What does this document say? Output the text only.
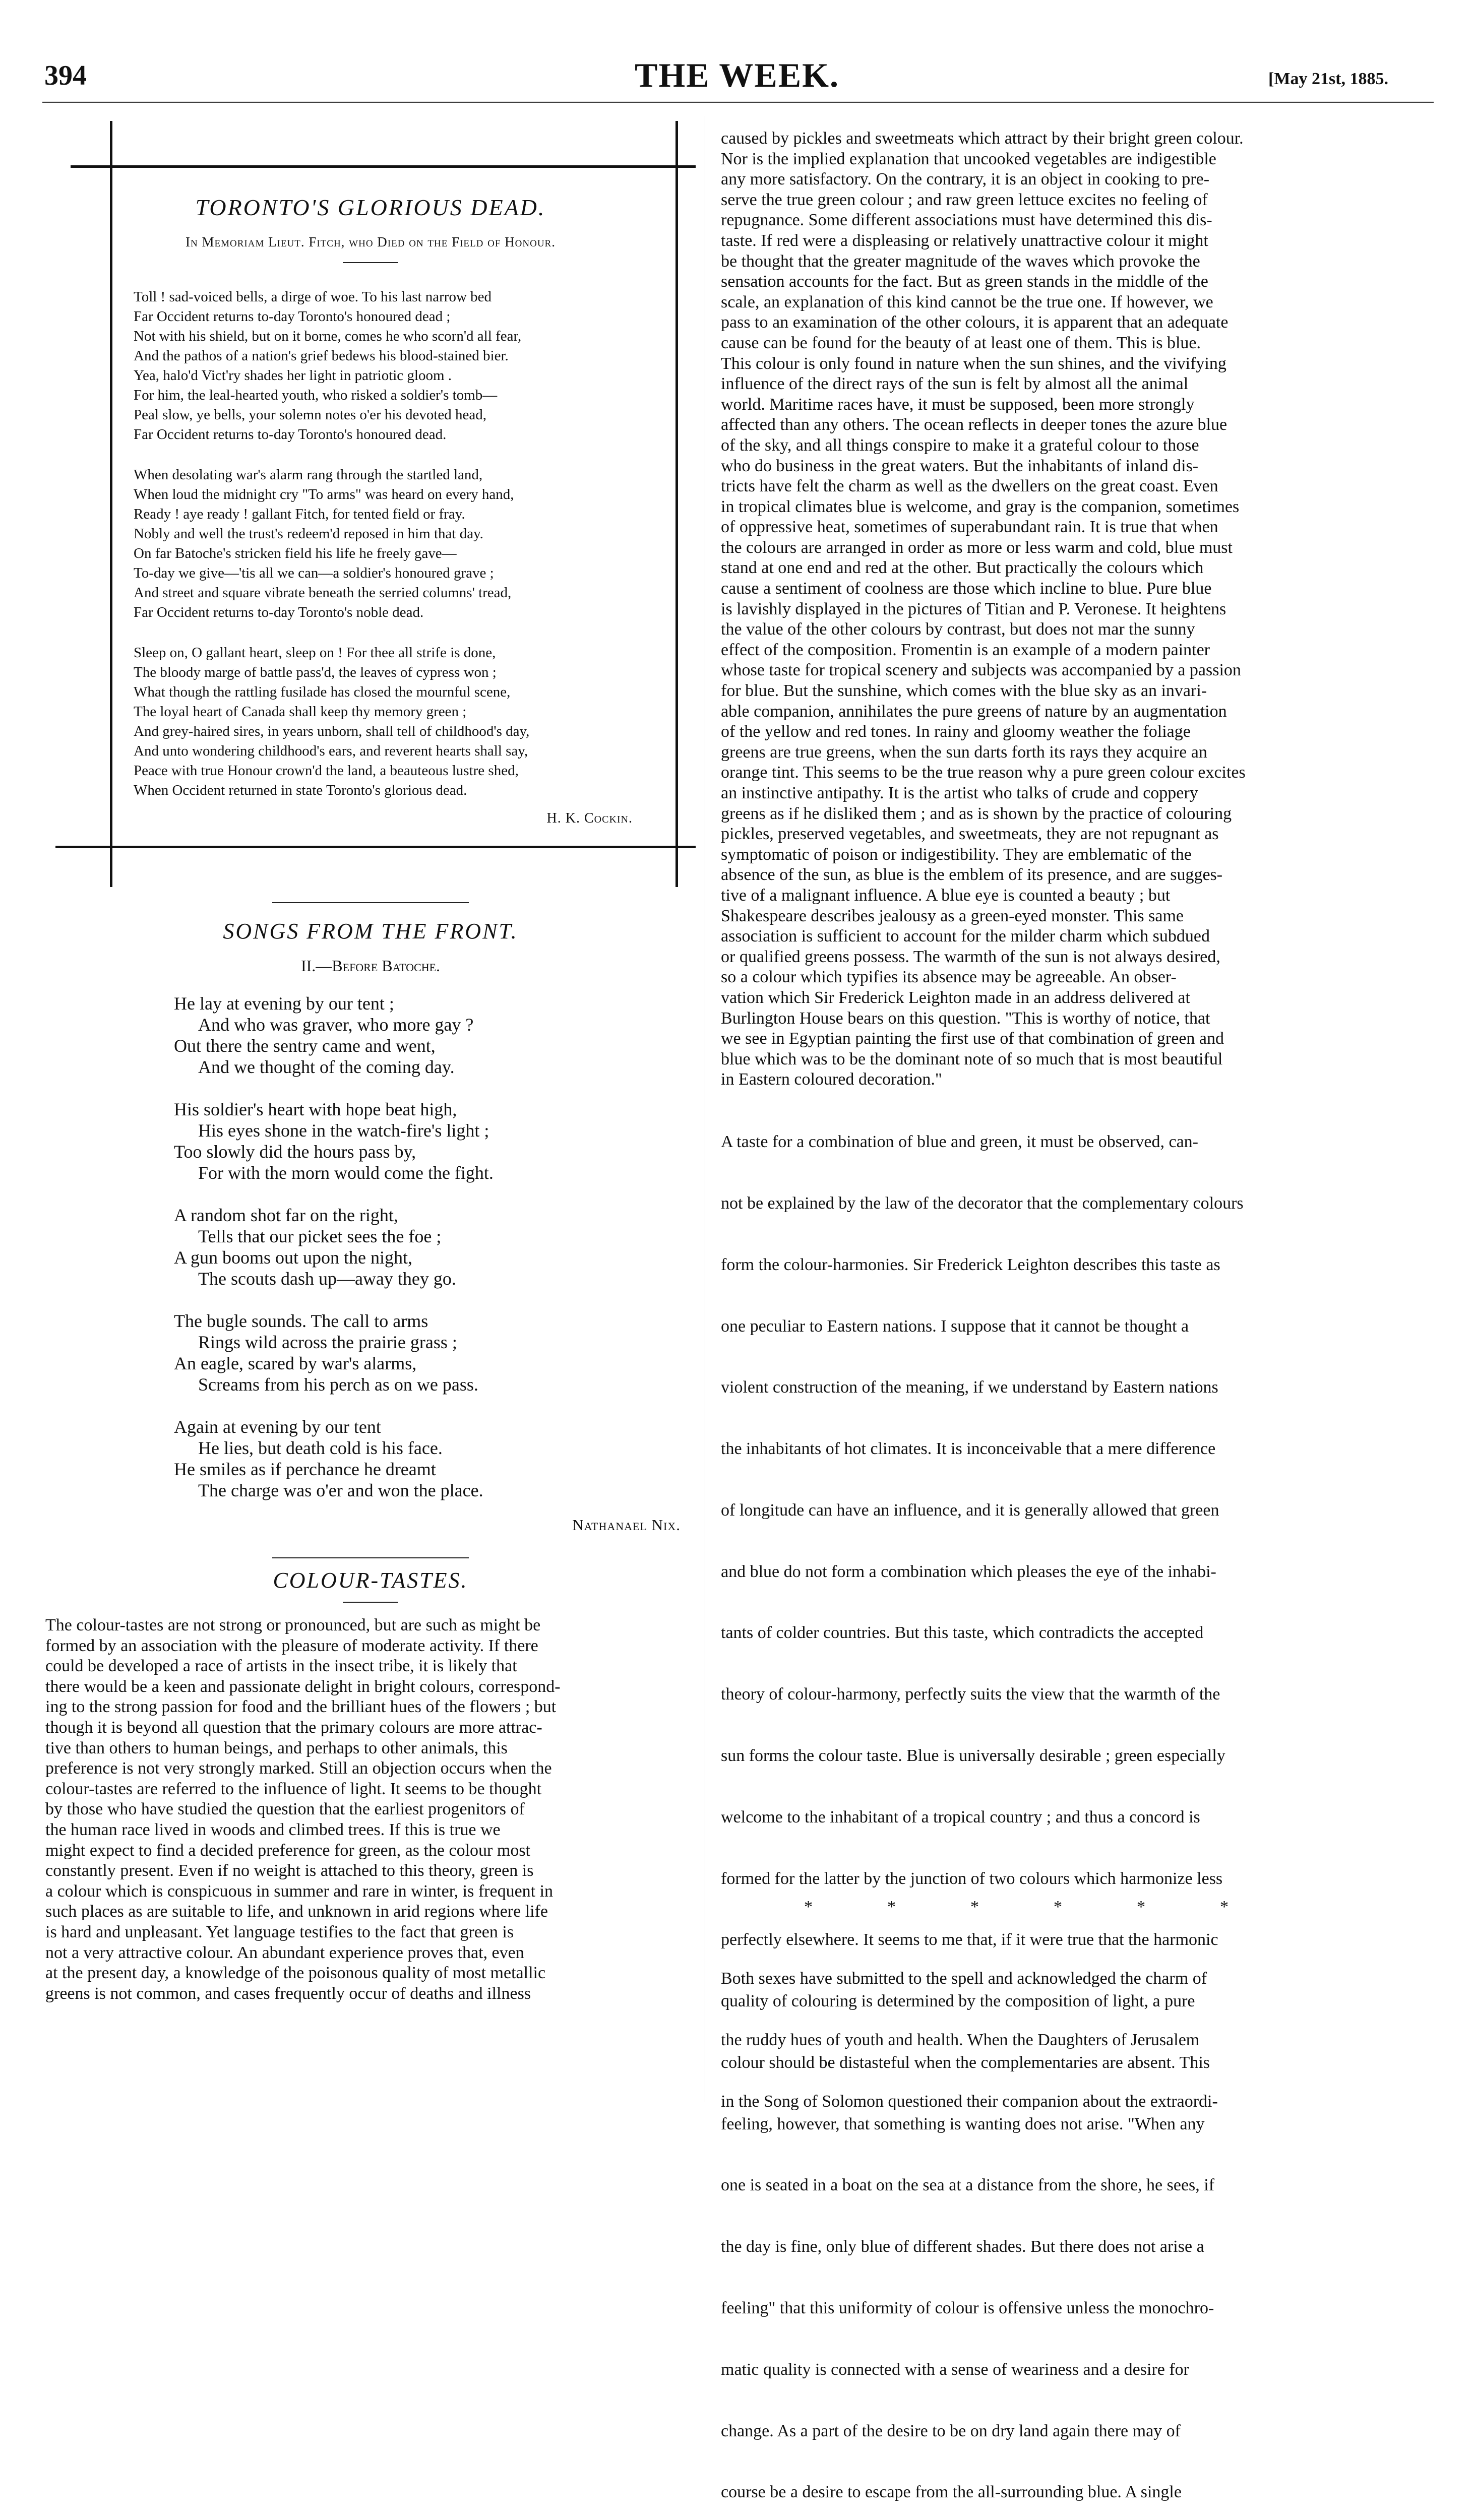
394	THE WEEK.	[May 21st, 1885.
TORONTO'S GLORIOUS DEAD.
In Memoriam Lieut. Fitch, who Died on the Field of Honour.
Toll ! sad-voiced bells, a dirge of woe. To his last narrow bed
Far Occident returns to-day Toronto's honoured dead ;
Not with his shield, but on it borne, comes he who scorn'd all fear,
And the pathos of a nation's grief bedews his blood-stained bier.
Yea, halo'd Vict'ry shades her light in patriotic gloom .
For him, the leal-hearted youth, who risked a soldier's tomb—
Peal slow, ye bells, your solemn notes o'er his devoted head,
Far Occident returns to-day Toronto's honoured dead.
When desolating war's alarm rang through the startled land,
When loud the midnight cry "To arms" was heard on every hand,
Ready ! aye ready ! gallant Fitch, for tented field or fray.
Nobly and well the trust's redeem'd reposed in him that day.
On far Batoche's stricken field his life he freely gave—
To-day we give—'tis all we can—a soldier's honoured grave ;
And street and square vibrate beneath the serried columns' tread,
Far Occident returns to-day Toronto's noble dead.
Sleep on, O gallant heart, sleep on ! For thee all strife is done,
The bloody marge of battle pass'd, the leaves of cypress won ;
What though the rattling fusilade has closed the mournful scene,
The loyal heart of Canada shall keep thy memory green ;
And grey-haired sires, in years unborn, shall tell of childhood's day,
And unto wondering childhood's ears, and reverent hearts shall say,
Peace with true Honour crown'd the land, a beauteous lustre shed,
When Occident returned in state Toronto's glorious dead.
H. K. Cockin.
SONGS FROM THE FRONT.
II.—Before Batoche.
He lay at evening by our tent ;
And who was graver, who more gay ?
Out there the sentry came and went,
And we thought of the coming day.
His soldier's heart with hope beat high,
His eyes shone in the watch-fire's light ;
Too slowly did the hours pass by,
For with the morn would come the fight.
A random shot far on the right,
Tells that our picket sees the foe ;
A gun booms out upon the night,
The scouts dash up—away they go.
The bugle sounds. The call to arms
Rings wild across the prairie grass ;
An eagle, scared by war's alarms,
Screams from his perch as on we pass.
Again at evening by our tent
He lies, but death cold is his face.
He smiles as if perchance he dreamt
The charge was o'er and won the place.
Nathanael Nix.
COLOUR-TASTES.
The colour-tastes are not strong or pronounced, but are such as might be
formed by an association with the pleasure of moderate activity. If there
could be developed a race of artists in the insect tribe, it is likely that
there would be a keen and passionate delight in bright colours, correspond-
ing to the strong passion for food and the brilliant hues of the flowers ; but
though it is beyond all question that the primary colours are more attrac-
tive than others to human beings, and perhaps to other animals, this
preference is not very strongly marked. Still an objection occurs when the
colour-tastes are referred to the influence of light. It seems to be thought
by those who have studied the question that the earliest progenitors of
the human race lived in woods and climbed trees. If this is true we
might expect to find a decided preference for green, as the colour most
constantly present. Even if no weight is attached to this theory, green is
a colour which is conspicuous in summer and rare in winter, is frequent in
such places as are suitable to life, and unknown in arid regions where life
is hard and unpleasant. Yet language testifies to the fact that green is
not a very attractive colour. An abundant experience proves that, even
at the present day, a knowledge of the poisonous quality of most metallic
greens is not common, and cases frequently occur of deaths and illness
caused by pickles and sweetmeats which attract by their bright green colour.
Nor is the implied explanation that uncooked vegetables are indigestible
any more satisfactory. On the contrary, it is an object in cooking to pre-
serve the true green colour ; and raw green lettuce excites no feeling of
repugnance. Some different associations must have determined this dis-
taste. If red were a displeasing or relatively unattractive colour it might
be thought that the greater magnitude of the waves which provoke the
sensation accounts for the fact. But as green stands in the middle of the
scale, an explanation of this kind cannot be the true one. If however, we
pass to an examination of the other colours, it is apparent that an adequate
cause can be found for the beauty of at least one of them. This is blue.
This colour is only found in nature when the sun shines, and the vivifying
influence of the direct rays of the sun is felt by almost all the animal
world. Maritime races have, it must be supposed, been more strongly
affected than any others. The ocean reflects in deeper tones the azure blue
of the sky, and all things conspire to make it a grateful colour to those
who do business in the great waters. But the inhabitants of inland dis-
tricts have felt the charm as well as the dwellers on the great coast. Even
in tropical climates blue is welcome, and gray is the companion, sometimes
of oppressive heat, sometimes of superabundant rain. It is true that when
the colours are arranged in order as more or less warm and cold, blue must
stand at one end and red at the other. But practically the colours which
cause a sentiment of coolness are those which incline to blue. Pure blue
is lavishly displayed in the pictures of Titian and P. Veronese. It heightens
the value of the other colours by contrast, but does not mar the sunny
effect of the composition. Fromentin is an example of a modern painter
whose taste for tropical scenery and subjects was accompanied by a passion
for blue. But the sunshine, which comes with the blue sky as an invari-
able companion, annihilates the pure greens of nature by an augmentation
of the yellow and red tones. In rainy and gloomy weather the foliage
greens are true greens, when the sun darts forth its rays they acquire an
orange tint. This seems to be the true reason why a pure green colour excites
an instinctive antipathy. It is the artist who talks of crude and coppery
greens as if he disliked them ; and as is shown by the practice of colouring
pickles, preserved vegetables, and sweetmeats, they are not repugnant as
symptomatic of poison or indigestibility. They are emblematic of the
absence of the sun, as blue is the emblem of its presence, and are sugges-
tive of a malignant influence. A blue eye is counted a beauty ; but
Shakespeare describes jealousy as a green-eyed monster. This same
association is sufficient to account for the milder charm which subdued
or qualified greens possess. The warmth of the sun is not always desired,
so a colour which typifies its absence may be agreeable. An obser-
vation which Sir Frederick Leighton made in an address delivered at
Burlington House bears on this question. "This is worthy of notice, that
we see in Egyptian painting the first use of that combination of green and
blue which was to be the dominant note of so much that is most beautiful
in Eastern coloured decoration."

A taste for a combination of blue and green, it must be observed, can-

not be explained by the law of the decorator that the complementary colours

form the colour-harmonies. Sir Frederick Leighton describes this taste as

one peculiar to Eastern nations. I suppose that it cannot be thought a

violent construction of the meaning, if we understand by Eastern nations

the inhabitants of hot climates. It is inconceivable that a mere difference

of longitude can have an influence, and it is generally allowed that green

and blue do not form a combination which pleases the eye of the inhabi-

tants of colder countries. But this taste, which contradicts the accepted

theory of colour-harmony, perfectly suits the view that the warmth of the

sun forms the colour taste. Blue is universally desirable ; green especially

welcome to the inhabitant of a tropical country ; and thus a concord is

formed for the latter by the junction of two colours which harmonize less

perfectly elsewhere. It seems to me that, if it were true that the harmonic

quality of colouring is determined by the composition of light, a pure

colour should be distasteful when the complementaries are absent. This

feeling, however, that something is wanting does not arise. "When any

one is seated in a boat on the sea at a distance from the shore, he sees, if

the day is fine, only blue of different shades. But there does not arise a

feeling" that this uniformity of colour is offensive unless the monochro-

matic quality is connected with a sense of weariness and a desire for

change. As a part of the desire to be on dry land again there may of

course be a desire to escape from the all-surrounding blue. A single

*	*	*	*	*	*

Both sexes have submitted to the spell and acknowledged the charm of

the ruddy hues of youth and health. When the Daughters of Jerusalem

in the Song of Solomon questioned their companion about the extraordi-
